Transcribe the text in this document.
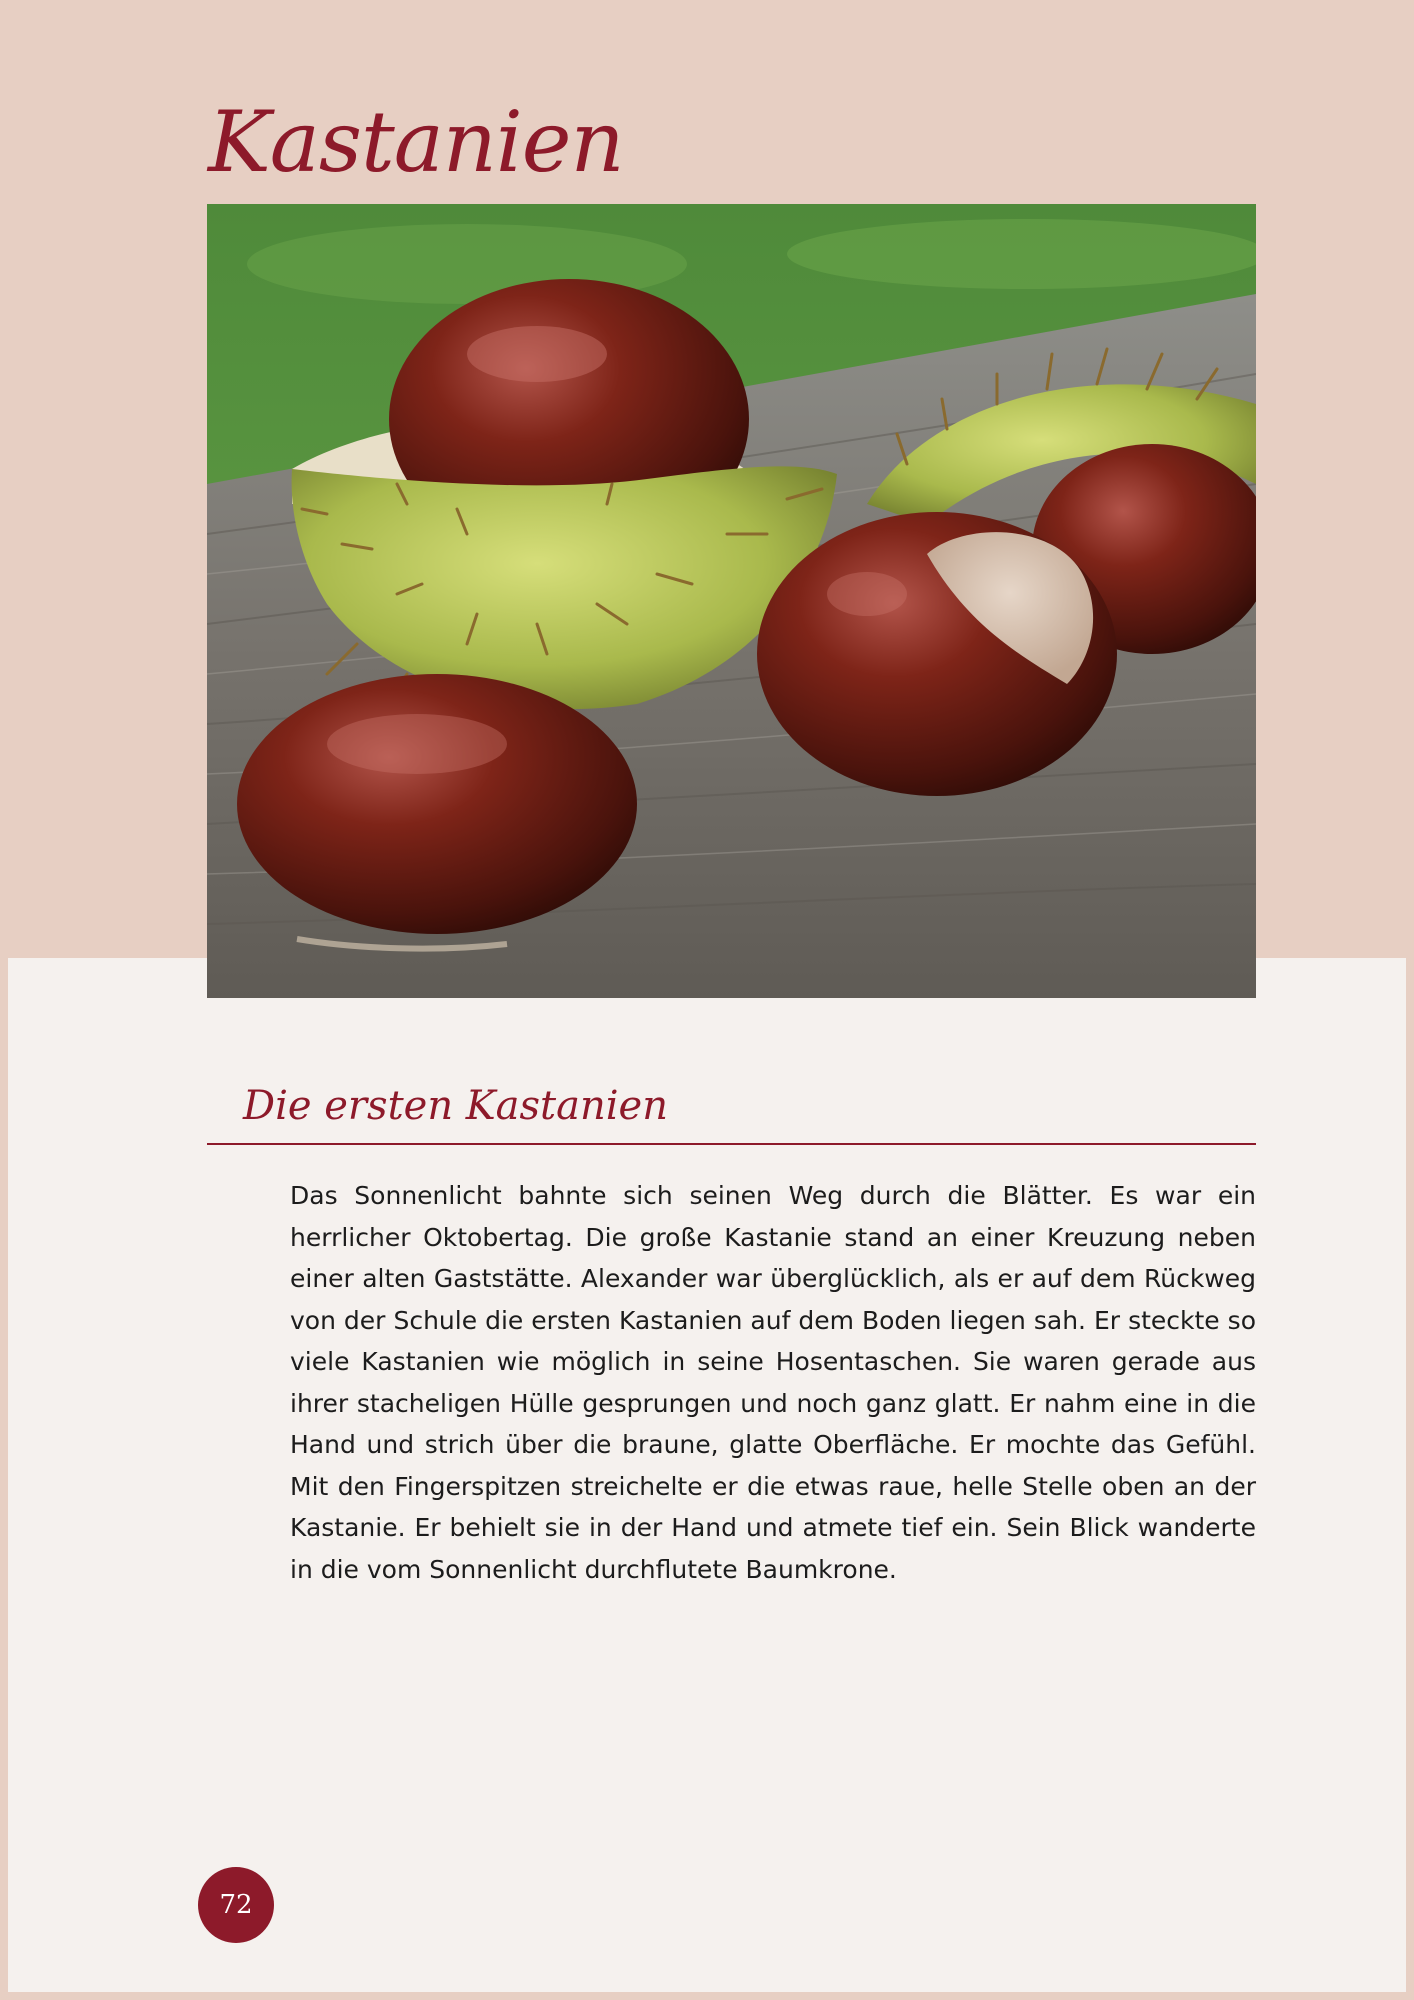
Kastanien
Die ersten Kastanien

Das Sonnenlicht bahnte sich seinen Weg durch die Blätter. Es war ein herrlicher Oktobertag. Die große Kastanie stand an einer Kreuzung neben einer alten Gaststätte. Alexander war überglücklich, als er auf dem Rückweg von der Schule die ersten Kastanien auf dem Boden liegen sah. Er steckte so viele Kastanien wie möglich in seine Hosentaschen. Sie waren gerade aus ihrer stacheligen Hülle gesprungen und noch ganz glatt. Er nahm eine in die Hand und strich über die braune, glatte Oberfläche. Er mochte das Gefühl. Mit den Fingerspitzen streichelte er die etwas raue, helle Stelle oben an der Kastanie. Er behielt sie in der Hand und atmete tief ein. Sein Blick wanderte in die vom Sonnenlicht durchflutete Baumkrone.

72
